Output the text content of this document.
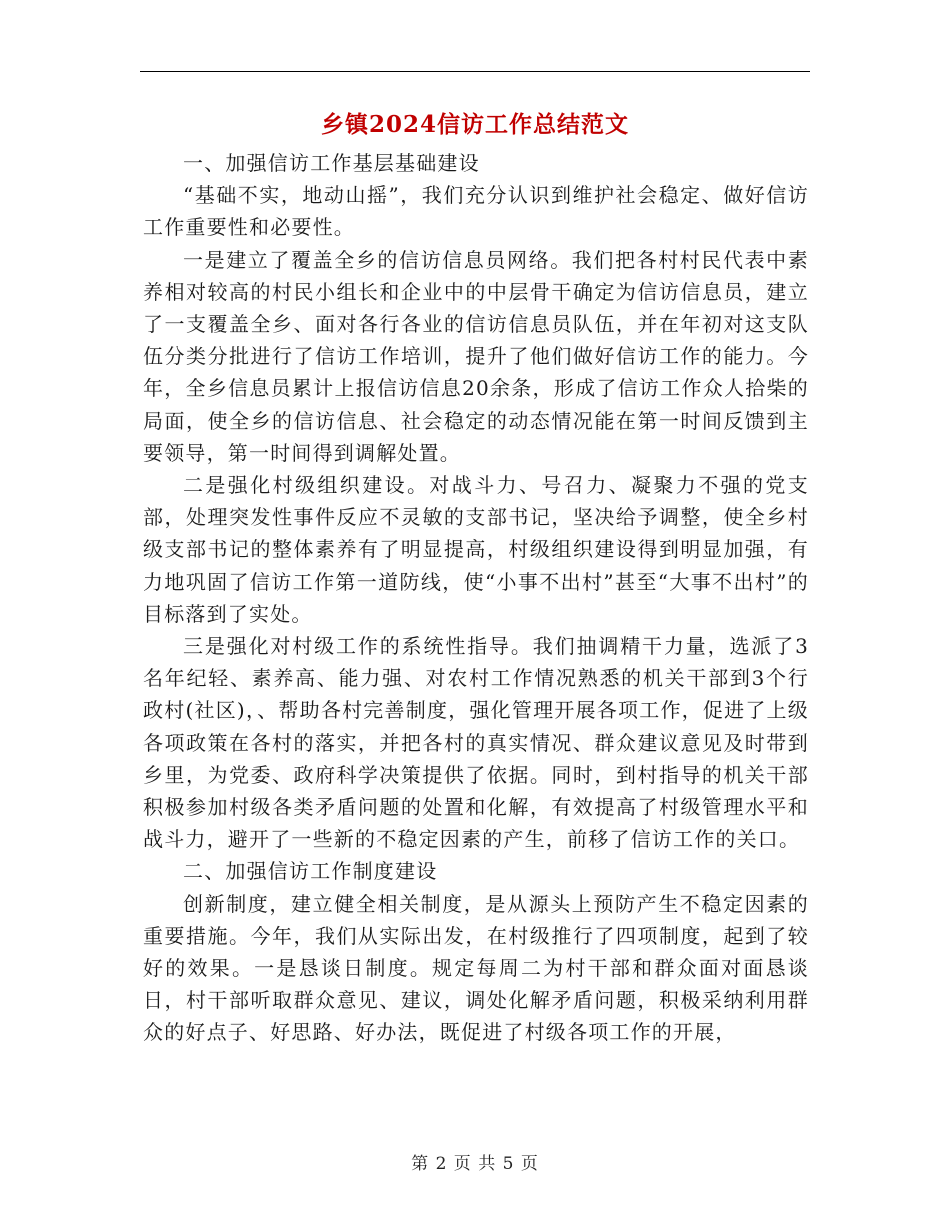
乡镇2024信访工作总结范文

一、加强信访工作基层基础建设

“基础不实，地动山摇”，我们充分认识到维护社会稳定、做好信访工作重要性和必要性。

一是建立了覆盖全乡的信访信息员网络。我们把各村村民代表中素养相对较高的村民小组长和企业中的中层骨干确定为信访信息员，建立了一支覆盖全乡、面对各行各业的信访信息员队伍，并在年初对这支队伍分类分批进行了信访工作培训，提升了他们做好信访工作的能力。今年，全乡信息员累计上报信访信息20余条，形成了信访工作众人拾柴的局面，使全乡的信访信息、社会稳定的动态情况能在第一时间反馈到主要领导，第一时间得到调解处置。

二是强化村级组织建设。对战斗力、号召力、凝聚力不强的党支部，处理突发性事件反应不灵敏的支部书记，坚决给予调整，使全乡村级支部书记的整体素养有了明显提高，村级组织建设得到明显加强，有力地巩固了信访工作第一道防线，使“小事不出村”甚至“大事不出村”的目标落到了实处。

三是强化对村级工作的系统性指导。我们抽调精干力量，选派了3名年纪轻、素养高、能力强、对农村工作情况熟悉的机关干部到3个行政村(社区)，、帮助各村完善制度，强化管理开展各项工作，促进了上级各项政策在各村的落实，并把各村的真实情况、群众建议意见及时带到乡里，为党委、政府科学决策提供了依据。同时，到村指导的机关干部积极参加村级各类矛盾问题的处置和化解，有效提高了村级管理水平和战斗力，避开了一些新的不稳定因素的产生，前移了信访工作的关口。

二、加强信访工作制度建设

创新制度，建立健全相关制度，是从源头上预防产生不稳定因素的重要措施。今年，我们从实际出发，在村级推行了四项制度，起到了较好的效果。一是恳谈日制度。规定每周二为村干部和群众面对面恳谈日，村干部听取群众意见、建议，调处化解矛盾问题，积极采纳利用群众的好点子、好思路、好办法，既促进了村级各项工作的开展，

第 2 页 共 5 页
